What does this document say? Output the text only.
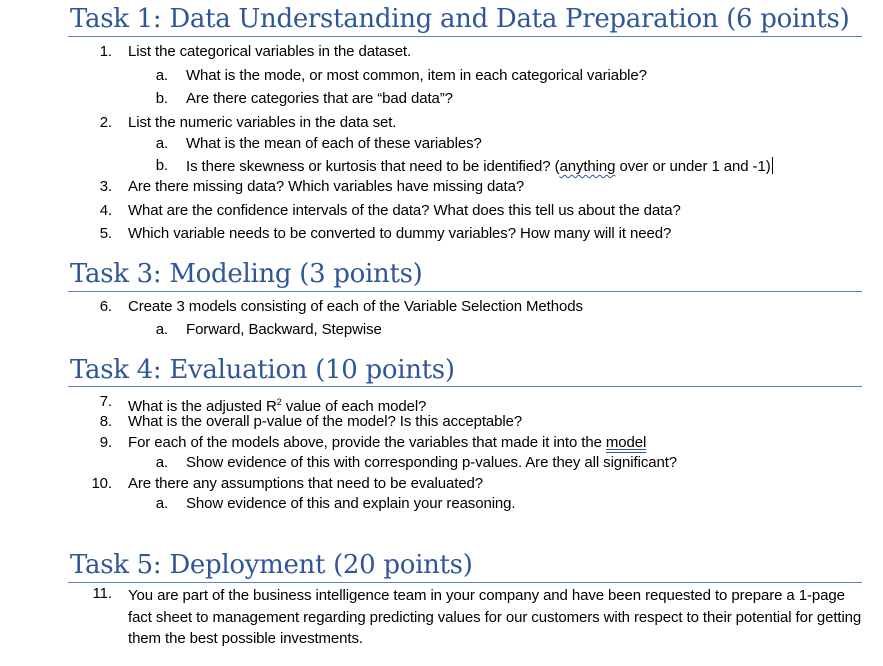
Task 1: Data Understanding and Data Preparation (6 points)
1. List the categorical variables in the dataset.
a. What is the mode, or most common, item in each categorical variable?
b. Are there categories that are “bad data”?
2. List the numeric variables in the data set.
a. What is the mean of each of these variables?
b. Is there skewness or kurtosis that need to be identified? (anything over or under 1 and -1)
3. Are there missing data? Which variables have missing data?
4. What are the confidence intervals of the data? What does this tell us about the data?
5. Which variable needs to be converted to dummy variables? How many will it need?
Task 3: Modeling (3 points)
6. Create 3 models consisting of each of the Variable Selection Methods
a. Forward, Backward, Stepwise
Task 4: Evaluation (10 points)
7. What is the adjusted $R^2$ value of each model?
8. What is the overall p-value of the model? Is this acceptable?
9. For each of the models above, provide the variables that made it into the model
a. Show evidence of this with corresponding p-values. Are they all significant?
10. Are there any assumptions that need to be evaluated?
a. Show evidence of this and explain your reasoning.
Task 5: Deployment (20 points)
11. You are part of the business intelligence team in your company and have been requested to prepare a 1-page fact sheet to management regarding predicting values for our customers with respect to their potential for getting them the best possible investments.
